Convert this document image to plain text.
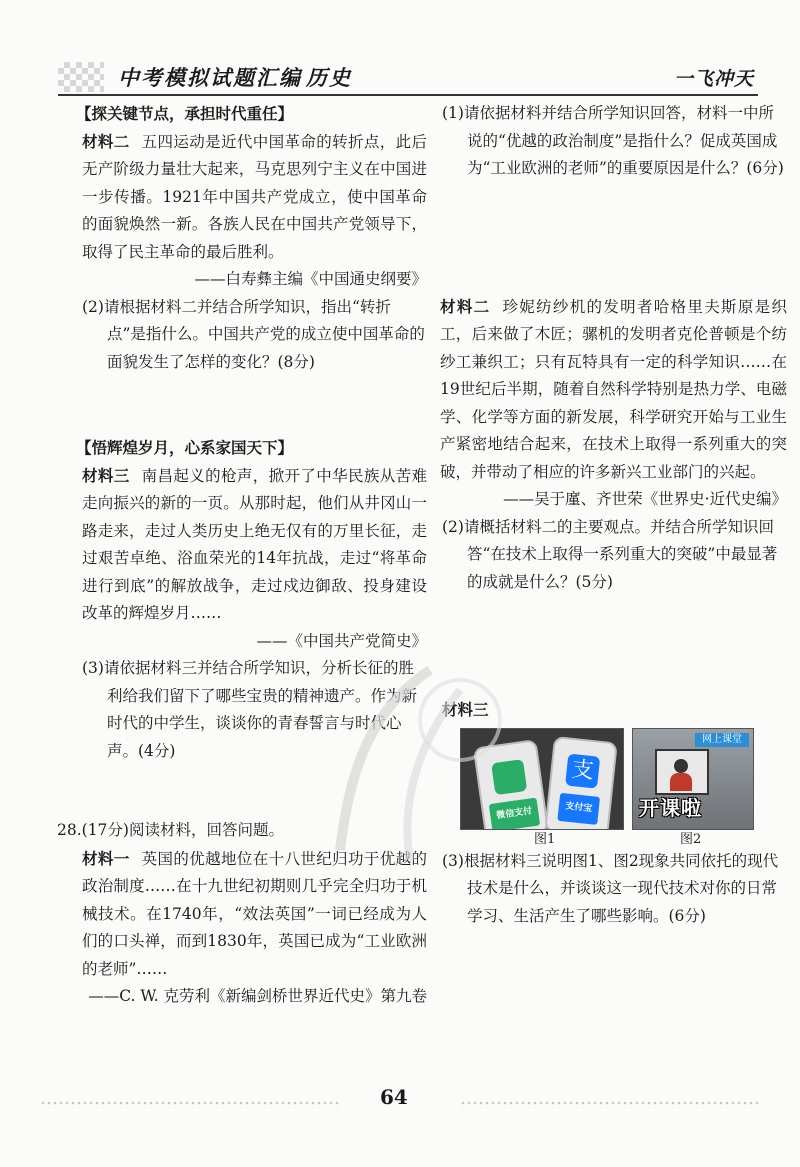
中考模拟试题汇编 历史	一飞冲天
【探关键节点，承担时代重任】
材料二 五四运动是近代中国革命的转折点，此后无产阶级力量壮大起来，马克思列宁主义在中国进一步传播。1921年中国共产党成立，使中国革命的面貌焕然一新。各族人民在中国共产党领导下，取得了民主革命的最后胜利。
——白寿彝主编《中国通史纲要》
(2)请根据材料二并结合所学知识，指出“转折点”是指什么。中国共产党的成立使中国革命的面貌发生了怎样的变化？(8分)
【悟辉煌岁月，心系家国天下】
材料三 南昌起义的枪声，掀开了中华民族从苦难走向振兴的新的一页。从那时起，他们从井冈山一路走来，走过人类历史上绝无仅有的万里长征，走过艰苦卓绝、浴血荣光的14年抗战，走过“将革命进行到底”的解放战争，走过戍边御敌、投身建设改革的辉煌岁月……
——《中国共产党简史》
(3)请依据材料三并结合所学知识，分析长征的胜利给我们留下了哪些宝贵的精神遗产。作为新时代的中学生，谈谈你的青春誓言与时代心声。(4分)
28.(17分)阅读材料，回答问题。
材料一 英国的优越地位在十八世纪归功于优越的政治制度……在十九世纪初期则几乎完全归功于机械技术。在1740年，“效法英国”一词已经成为人们的口头禅，而到1830年，英国已成为“工业欧洲的老师”……
——C. W. 克劳利《新编剑桥世界近代史》第九卷
(1)请依据材料并结合所学知识回答，材料一中所说的“优越的政治制度”是指什么？促成英国成为“工业欧洲的老师”的重要原因是什么？(6分)
材料二 珍妮纺纱机的发明者哈格里夫斯原是织工，后来做了木匠；骡机的发明者克伦普顿是个纺纱工兼织工；只有瓦特具有一定的科学知识……在19世纪后半期，随着自然科学特别是热力学、电磁学、化学等方面的新发展，科学研究开始与工业生产紧密地结合起来，在技术上取得一系列重大的突破，并带动了相应的许多新兴工业部门的兴起。
——吴于廑、齐世荣《世界史·近代史编》
(2)请概括材料二的主要观点。并结合所学知识回答“在技术上取得一系列重大的突破”中最显著的成就是什么？(5分)
材料三
微信支付
支
支付宝
网上课堂
开课啦
图1	图2
(3)根据材料三说明图1、图2现象共同依托的现代技术是什么，并谈谈这一现代技术对你的日常学习、生活产生了哪些影响。(6分)
64
